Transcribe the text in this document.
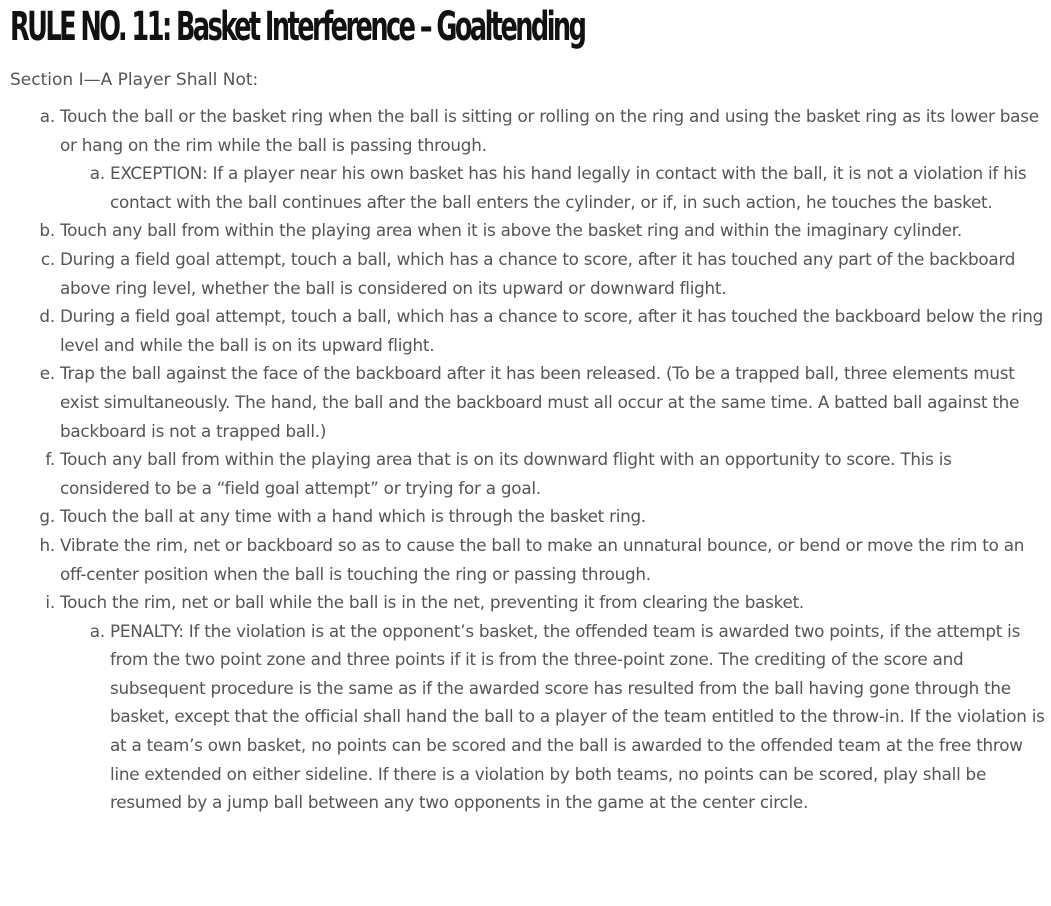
RULE NO. 11: Basket Interference – Goaltending
Section I—A Player Shall Not:
a. Touch the ball or the basket ring when the ball is sitting or rolling on the ring and using the basket ring as its lower base or hang on the rim while the ball is passing through.
a. EXCEPTION: If a player near his own basket has his hand legally in contact with the ball, it is not a violation if his contact with the ball continues after the ball enters the cylinder, or if, in such action, he touches the basket.
b. Touch any ball from within the playing area when it is above the basket ring and within the imaginary cylinder.
c. During a field goal attempt, touch a ball, which has a chance to score, after it has touched any part of the backboard above ring level, whether the ball is considered on its upward or downward flight.
d. During a field goal attempt, touch a ball, which has a chance to score, after it has touched the backboard below the ring level and while the ball is on its upward flight.
e. Trap the ball against the face of the backboard after it has been released. (To be a trapped ball, three elements must exist simultaneously. The hand, the ball and the backboard must all occur at the same time. A batted ball against the backboard is not a trapped ball.)
f. Touch any ball from within the playing area that is on its downward flight with an opportunity to score. This is considered to be a “field goal attempt” or trying for a goal.
g. Touch the ball at any time with a hand which is through the basket ring.
h. Vibrate the rim, net or backboard so as to cause the ball to make an unnatural bounce, or bend or move the rim to an off-center position when the ball is touching the ring or passing through.
i. Touch the rim, net or ball while the ball is in the net, preventing it from clearing the basket.
a. PENALTY: If the violation is at the opponent’s basket, the offended team is awarded two points, if the attempt is from the two point zone and three points if it is from the three-point zone. The crediting of the score and subsequent procedure is the same as if the awarded score has resulted from the ball having gone through the basket, except that the official shall hand the ball to a player of the team entitled to the throw-in. If the violation is at a team’s own basket, no points can be scored and the ball is awarded to the offended team at the free throw line extended on either sideline. If there is a violation by both teams, no points can be scored, play shall be resumed by a jump ball between any two opponents in the game at the center circle.
